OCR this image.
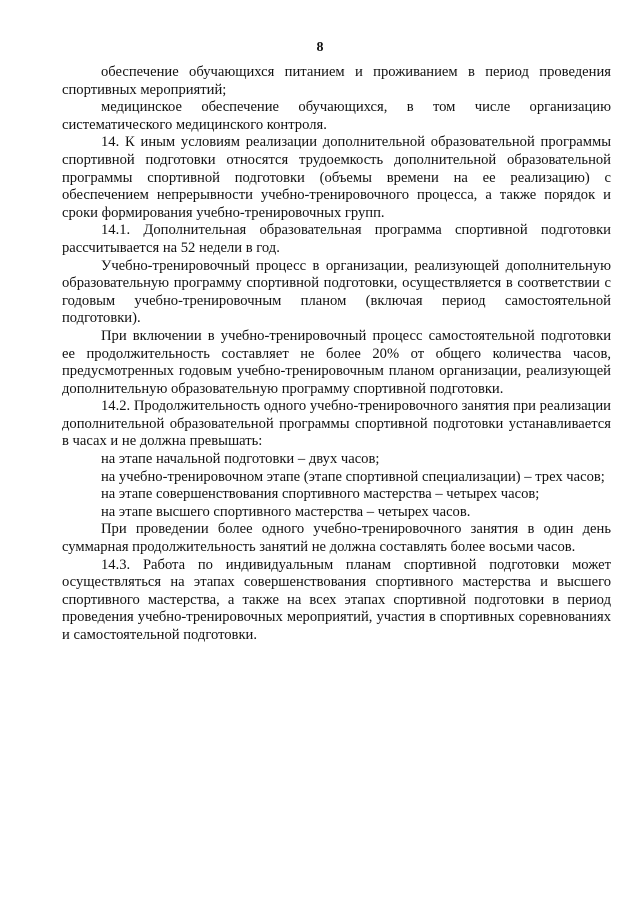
8

обеспечение обучающихся питанием и проживанием в период проведения спортивных мероприятий;

медицинское обеспечение обучающихся, в том числе организацию систематического медицинского контроля.

14. К иным условиям реализации дополнительной образовательной программы спортивной подготовки относятся трудоемкость дополнительной образовательной программы спортивной подготовки (объемы времени на ее реализацию) с обеспечением непрерывности учебно-тренировочного процесса, а также порядок и сроки формирования учебно-тренировочных групп.

14.1. Дополнительная образовательная программа спортивной подготовки рассчитывается на 52 недели в год.

Учебно-тренировочный процесс в организации, реализующей дополнительную образовательную программу спортивной подготовки, осуществляется в соответствии с годовым учебно-тренировочным планом (включая период самостоятельной подготовки).

При включении в учебно-тренировочный процесс самостоятельной подготовки ее продолжительность составляет не более 20% от общего количества часов, предусмотренных годовым учебно-тренировочным планом организации, реализующей дополнительную образовательную программу спортивной подготовки.

14.2. Продолжительность одного учебно-тренировочного занятия при реализации дополнительной образовательной программы спортивной подготовки устанавливается в часах и не должна превышать:

на этапе начальной подготовки – двух часов;

на учебно-тренировочном этапе (этапе спортивной специализации) – трех часов;

на этапе совершенствования спортивного мастерства – четырех часов;

на этапе высшего спортивного мастерства – четырех часов.

При проведении более одного учебно-тренировочного занятия в один день суммарная продолжительность занятий не должна составлять более восьми часов.

14.3. Работа по индивидуальным планам спортивной подготовки может осуществляться на этапах совершенствования спортивного мастерства и высшего спортивного мастерства, а также на всех этапах спортивной подготовки в период проведения учебно-тренировочных мероприятий, участия в спортивных соревнованиях и самостоятельной подготовки.
